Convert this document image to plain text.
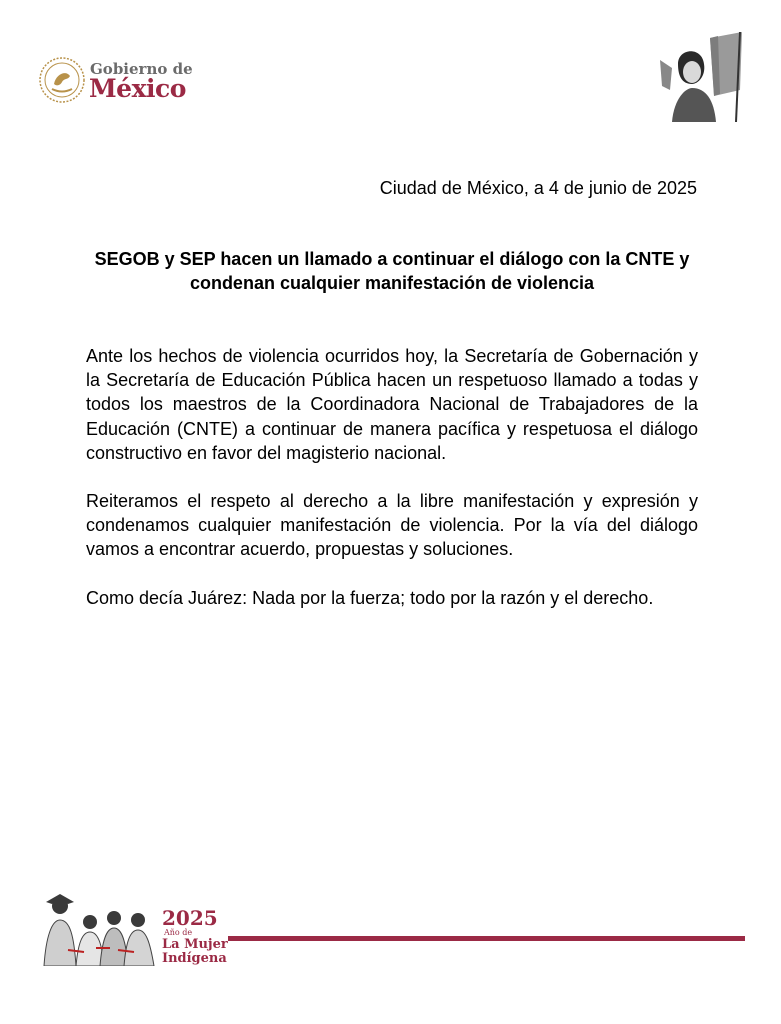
Gobierno de
México
Ciudad de México, a 4 de junio de 2025
SEGOB y SEP hacen un llamado a continuar el diálogo con la CNTE y condenan cualquier manifestación de violencia

Ante los hechos de violencia ocurridos hoy, la Secretaría de Gobernación y la Secretaría de Educación Pública hacen un respetuoso llamado a todas y todos los maestros de la Coordinadora Nacional de Trabajadores de la Educación (CNTE) a continuar de manera pacífica y respetuosa el diálogo constructivo en favor del magisterio nacional.

Reiteramos el respeto al derecho a la libre manifestación y expresión y condenamos cualquier manifestación de violencia. Por la vía del diálogo vamos a encontrar acuerdo, propuestas y soluciones.

Como decía Juárez: Nada por la fuerza; todo por la razón y el derecho.

2025
Año de
La Mujer
Indígena
